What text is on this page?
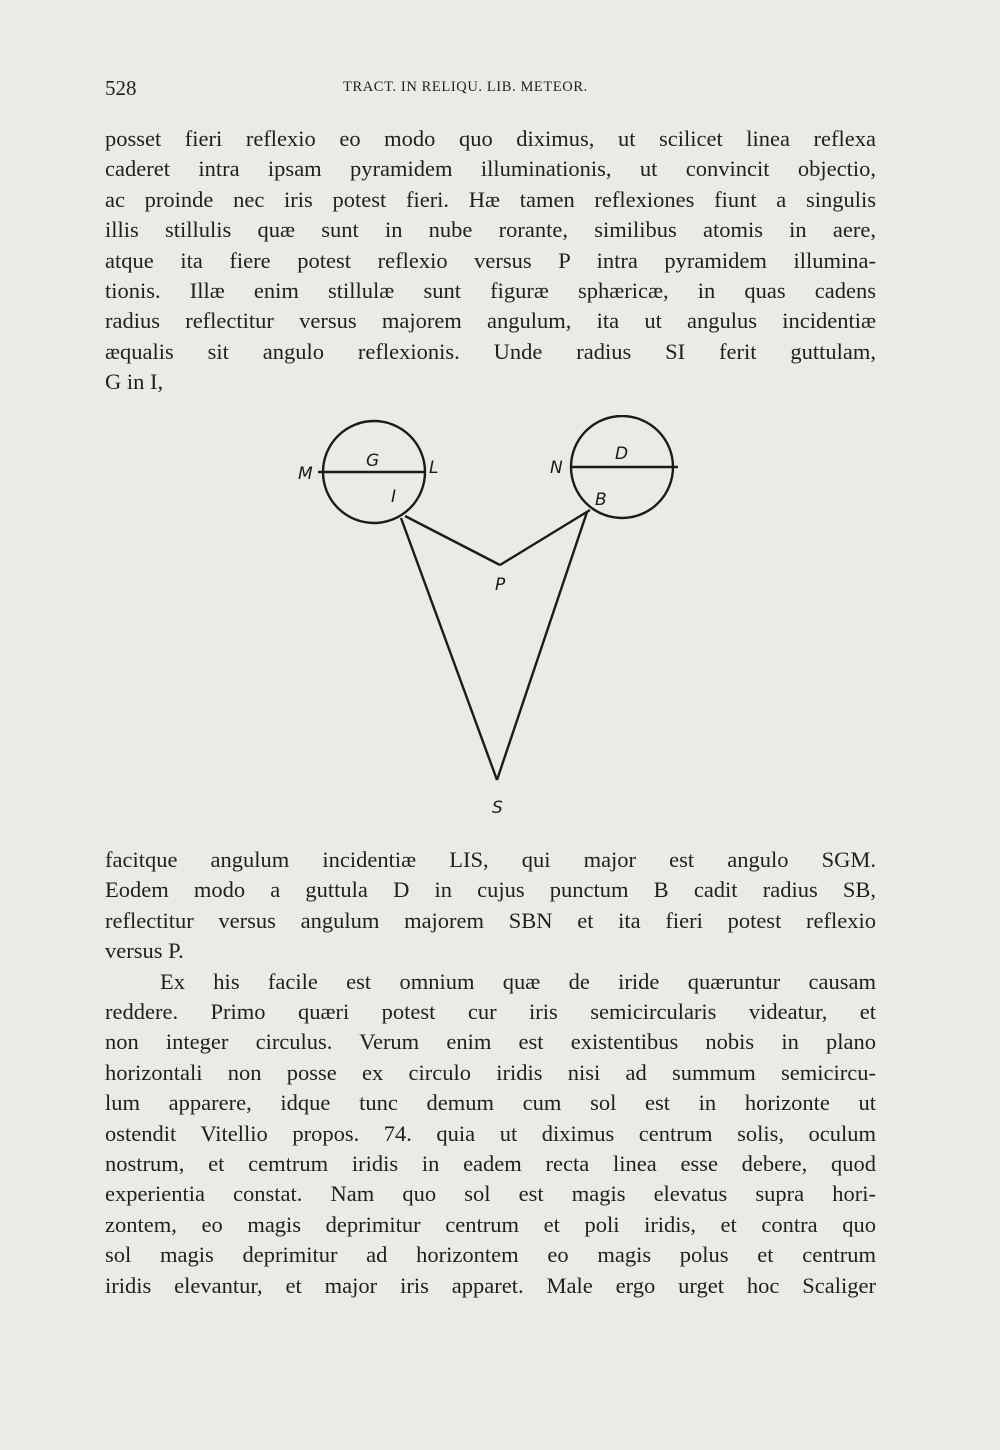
528	TRACT. IN RELIQU. LIB. METEOR.

posset fieri reflexio eo modo quo diximus, ut scilicet linea reflexa

caderet intra ipsam pyramidem illuminationis, ut convincit objectio,

ac proinde nec iris potest fieri. Hæ tamen reflexiones fiunt a singulis

illis stillulis quæ sunt in nube rorante, similibus atomis in aere,

atque ita fiere potest reflexio versus P intra pyramidem illumina-

tionis. Illæ enim stillulæ sunt figuræ sphæricæ, in quas cadens

radius reflectitur versus majorem angulum, ita ut angulus incidentiæ

æqualis sit angulo reflexionis. Unde radius SI ferit guttulam,

G in I,

M
G	L
I
N
D
B
P
S

facitque angulum incidentiæ LIS, qui major est angulo SGM.

Eodem modo a guttula D in cujus punctum B cadit radius SB,

reflectitur versus angulum majorem SBN et ita fieri potest reflexio

versus P.

Ex his facile est omnium quæ de iride quæruntur causam

reddere. Primo quæri potest cur iris semicircularis videatur, et

non integer circulus. Verum enim est existentibus nobis in plano

horizontali non posse ex circulo iridis nisi ad summum semicircu-

lum apparere, idque tunc demum cum sol est in horizonte ut

ostendit Vitellio propos. 74. quia ut diximus centrum solis, oculum

nostrum, et cemtrum iridis in eadem recta linea esse debere, quod

experientia constat. Nam quo sol est magis elevatus supra hori-

zontem, eo magis deprimitur centrum et poli iridis, et contra quo

sol magis deprimitur ad horizontem eo magis polus et centrum

iridis elevantur, et major iris apparet. Male ergo urget hoc Scaliger
